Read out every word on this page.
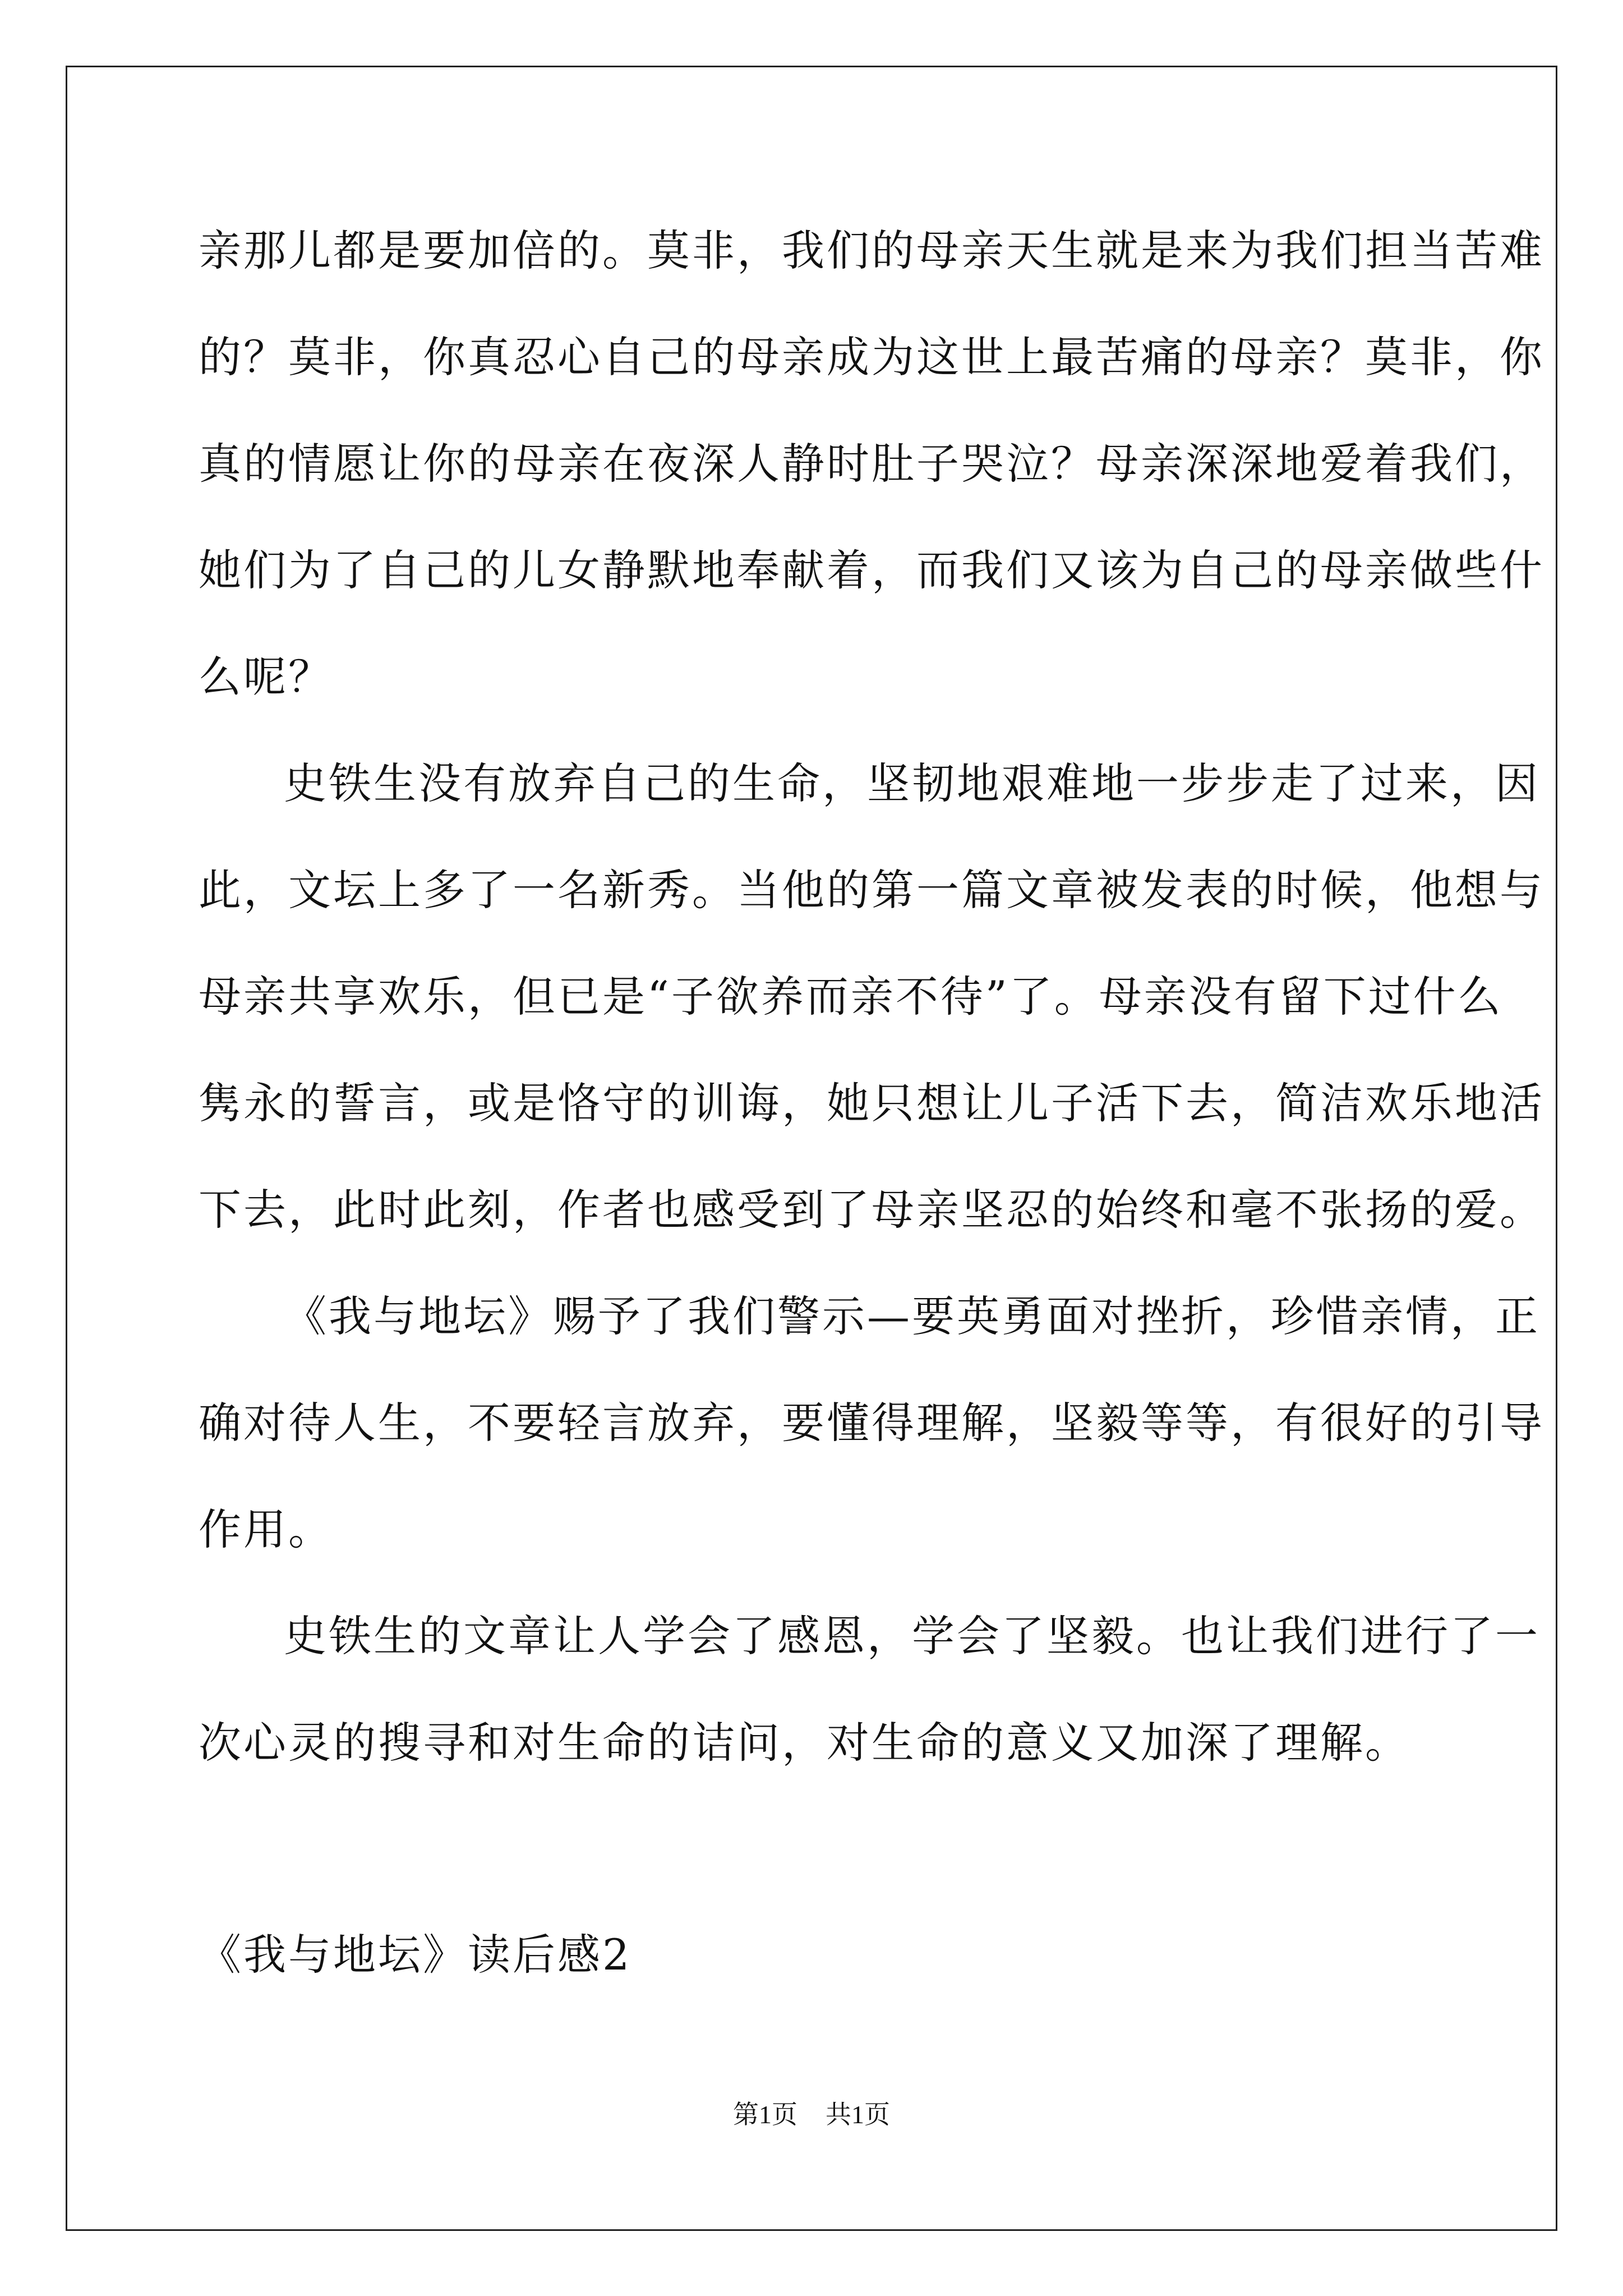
亲那儿都是要加倍的。莫非，我们的母亲天生就是来为我们担当苦难
的？莫非，你真忍心自己的母亲成为这世上最苦痛的母亲？莫非，你
真的情愿让你的母亲在夜深人静时肚子哭泣？母亲深深地爱着我们，
她们为了自己的儿女静默地奉献着，而我们又该为自己的母亲做些什
么呢？
史铁生没有放弃自己的生命，坚韧地艰难地一步步走了过来，因
此，文坛上多了一名新秀。当他的第一篇文章被发表的时候，他想与
母亲共享欢乐，但已是“子欲养而亲不待”了。母亲没有留下过什么
隽永的誓言，或是恪守的训诲，她只想让儿子活下去，简洁欢乐地活
下去，此时此刻，作者也感受到了母亲坚忍的始终和毫不张扬的爱。
《我与地坛》赐予了我们警示—要英勇面对挫折，珍惜亲情，正
确对待人生，不要轻言放弃，要懂得理解，坚毅等等，有很好的引导
作用。
史铁生的文章让人学会了感恩，学会了坚毅。也让我们进行了一
次心灵的搜寻和对生命的诘问，对生命的意义又加深了理解。
《我与地坛》读后感2
第1页 共1页
